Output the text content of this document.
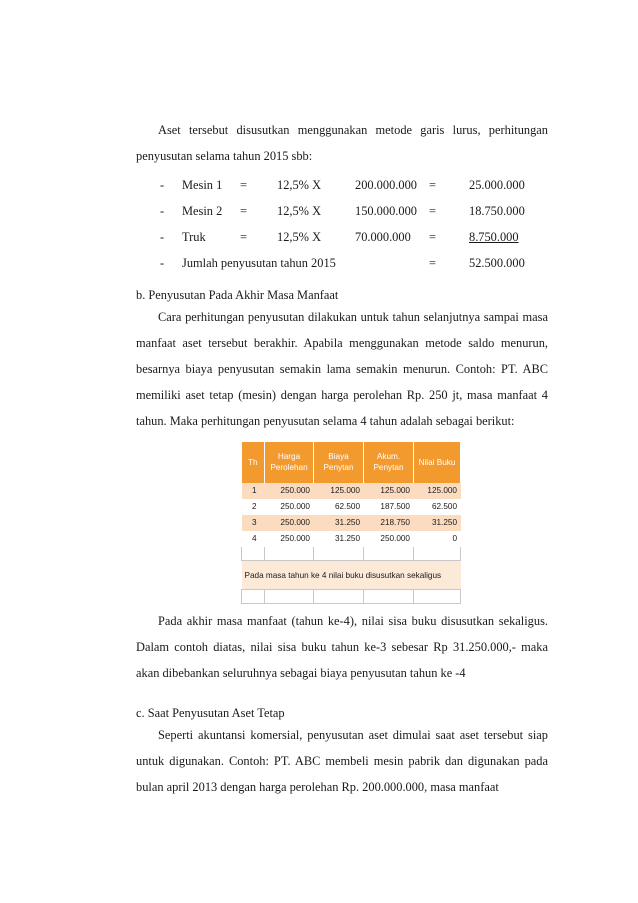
Aset tersebut disusutkan menggunakan metode garis lurus, perhitungan penyusutan selama tahun 2015 sbb:
- Mesin 1 = 12,5% X	200.000.000 =	25.000.000
- Mesin 2 = 12,5% X	150.000.000 =	18.750.000
- Truk	= 12,5% X	70.000.000 =	8.750.000
- Jumlah penyusutan tahun 2015	=	52.500.000
b. Penyusutan Pada Akhir Masa Manfaat
Cara perhitungan penyusutan dilakukan untuk tahun selanjutnya sampai masa manfaat aset tersebut berakhir. Apabila menggunakan metode saldo menurun, besarnya biaya penyusutan semakin lama semakin menurun. Contoh: PT. ABC memiliki aset tetap (mesin) dengan harga perolehan Rp. 250 jt, masa manfaat 4 tahun. Maka perhitungan penyusutan selama 4 tahun adalah sebagai berikut:
Th	Harga Perolehan	Biaya Penytan	Akum. Penytan	Nilai Buku
1	250.000	125.000	125.000	125.000
2	250.000	62.500	187.500	62.500
3	250.000	31.250	218.750	31.250
4	250.000	31.250	250.000	0

Pada masa tahun ke 4 nilai buku disusutkan sekaligus				

Pada akhir masa manfaat (tahun ke-4), nilai sisa buku disusutkan sekaligus. Dalam contoh diatas, nilai sisa buku tahun ke-3 sebesar Rp 31.250.000,- maka akan dibebankan seluruhnya sebagai biaya penyusutan tahun ke -4
c. Saat Penyusutan Aset Tetap
Seperti akuntansi komersial, penyusutan aset dimulai saat aset tersebut siap untuk digunakan. Contoh: PT. ABC membeli mesin pabrik dan digunakan pada bulan april 2013 dengan harga perolehan Rp. 200.000.000, masa manfaat
